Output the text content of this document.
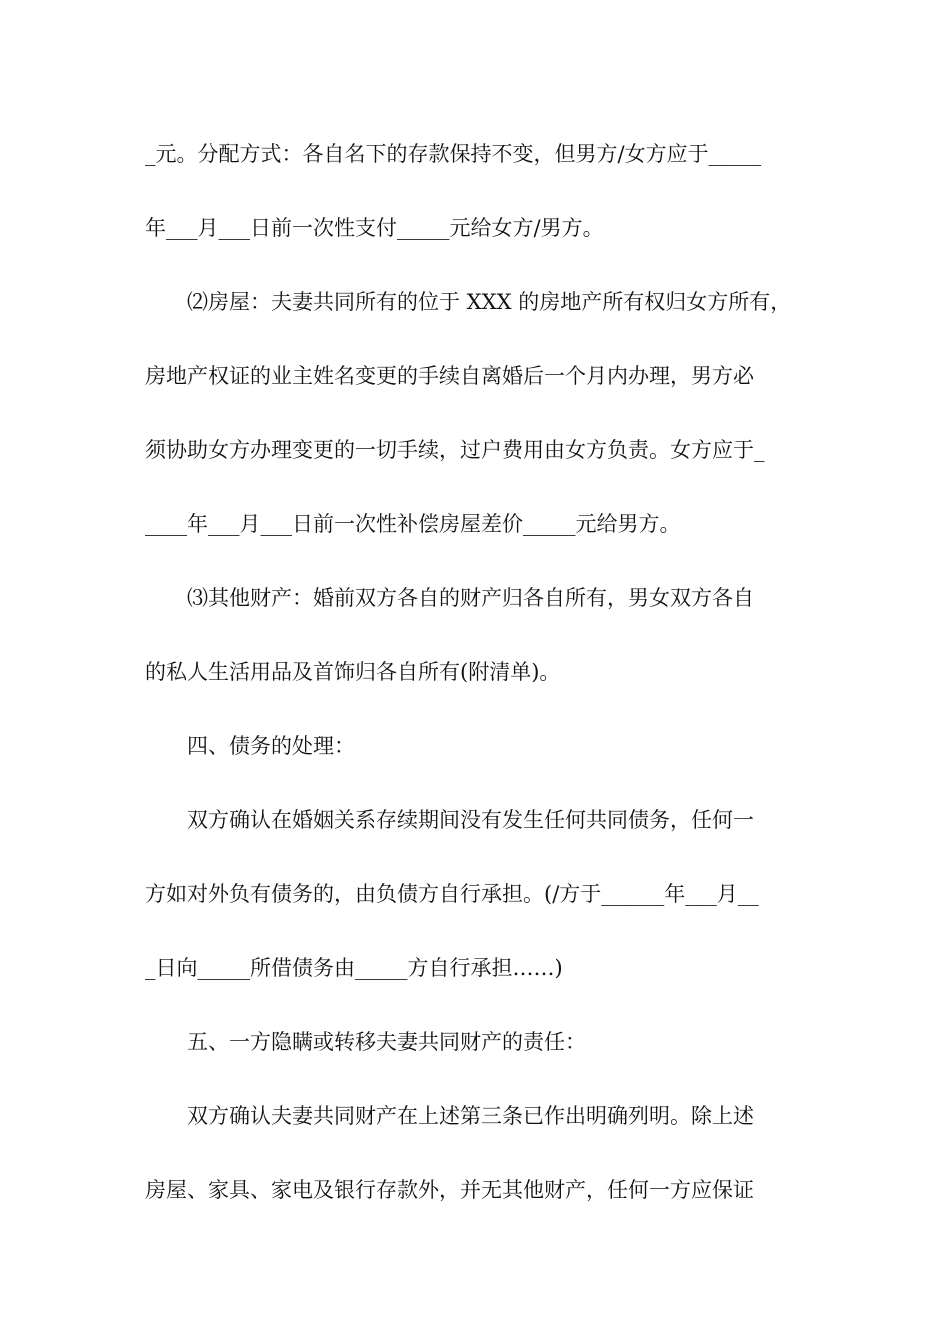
_元。分配方式：各自名下的存款保持不变，但男方/女方应于_____
年___月___日前一次性支付_____元给女方/男方。
　　⑵房屋：夫妻共同所有的位于 XXX 的房地产所有权归女方所有，
房地产权证的业主姓名变更的手续自离婚后一个月内办理，男方必
须协助女方办理变更的一切手续，过户费用由女方负责。女方应于_
____年___月___日前一次性补偿房屋差价_____元给男方。
　　⑶其他财产：婚前双方各自的财产归各自所有，男女双方各自
的私人生活用品及首饰归各自所有(附清单)。
　　四、债务的处理：
　　双方确认在婚姻关系存续期间没有发生任何共同债务，任何一
方如对外负有债务的，由负债方自行承担。(/方于______年___月__
_日向_____所借债务由_____方自行承担……)
　　五、一方隐瞒或转移夫妻共同财产的责任：
　　双方确认夫妻共同财产在上述第三条已作出明确列明。除上述
房屋、家具、家电及银行存款外，并无其他财产，任何一方应保证
